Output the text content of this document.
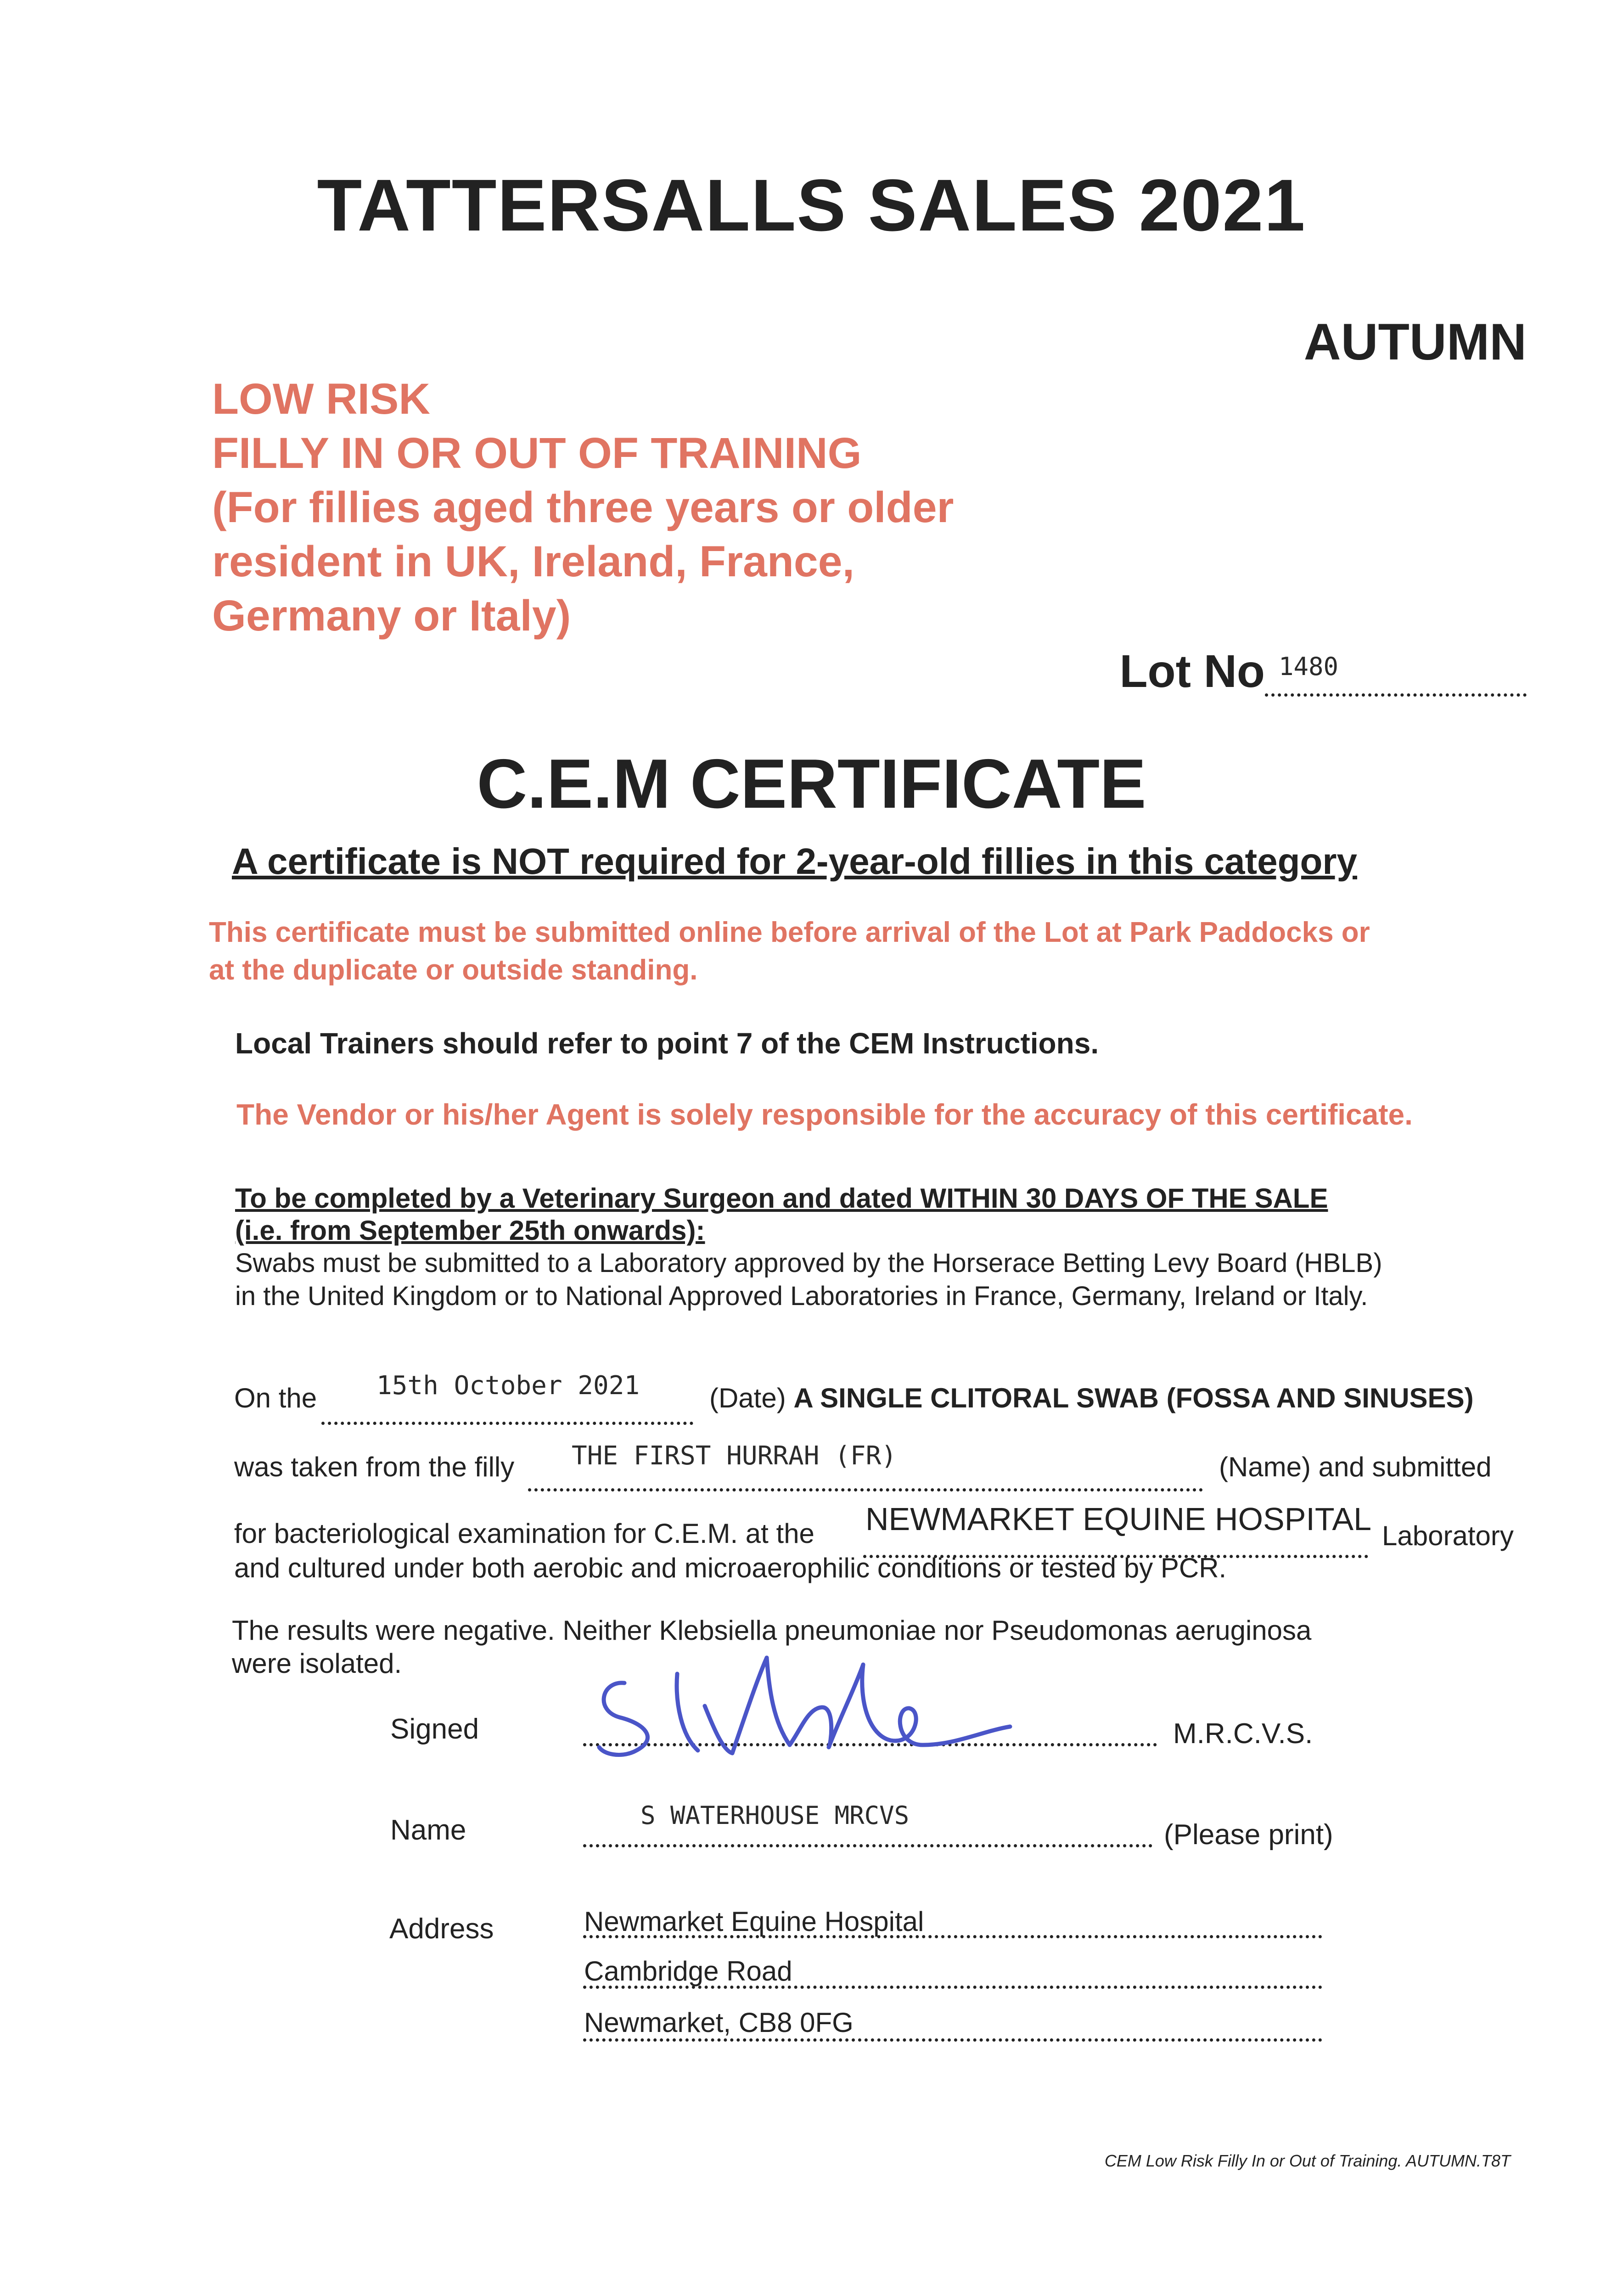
TATTERSALLS SALES 2021
AUTUMN
LOW RISK
FILLY IN OR OUT OF TRAINING
(For fillies aged three years or older
resident in UK, Ireland, France,
Germany or Italy)
Lot No 1480
C.E.M CERTIFICATE
A certificate is NOT required for 2-year-old fillies in this category
This certificate must be submitted online before arrival of the Lot at Park Paddocks or
at the duplicate or outside standing.
Local Trainers should refer to point 7 of the CEM Instructions.
The Vendor or his/her Agent is solely responsible for the accuracy of this certificate.
To be completed by a Veterinary Surgeon and dated WITHIN 30 DAYS OF THE SALE
(i.e. from September 25th onwards):
Swabs must be submitted to a Laboratory approved by the Horserace Betting Levy Board (HBLB)
in the United Kingdom or to National Approved Laboratories in France, Germany, Ireland or Italy.
On the 15th October 2021	(Date) A SINGLE CLITORAL SWAB (FOSSA AND SINUSES)
was taken from the filly THE FIRST HURRAH (FR)	(Name) and submitted
for bacteriological examination for C.E.M. at the NEWMARKET EQUINE HOSPITAL Laboratory
and cultured under both aerobic and microaerophilic conditions or tested by PCR.
The results were negative. Neither Klebsiella pneumoniae nor Pseudomonas aeruginosa
were isolated.
Signed	M.R.C.V.S.
Name	S WATERHOUSE MRCVS
(Please print)
Address	Newmarket Equine Hospital
Cambridge Road
Newmarket, CB8 0FG
CEM Low Risk Filly In or Out of Training. AUTUMN.T8T
